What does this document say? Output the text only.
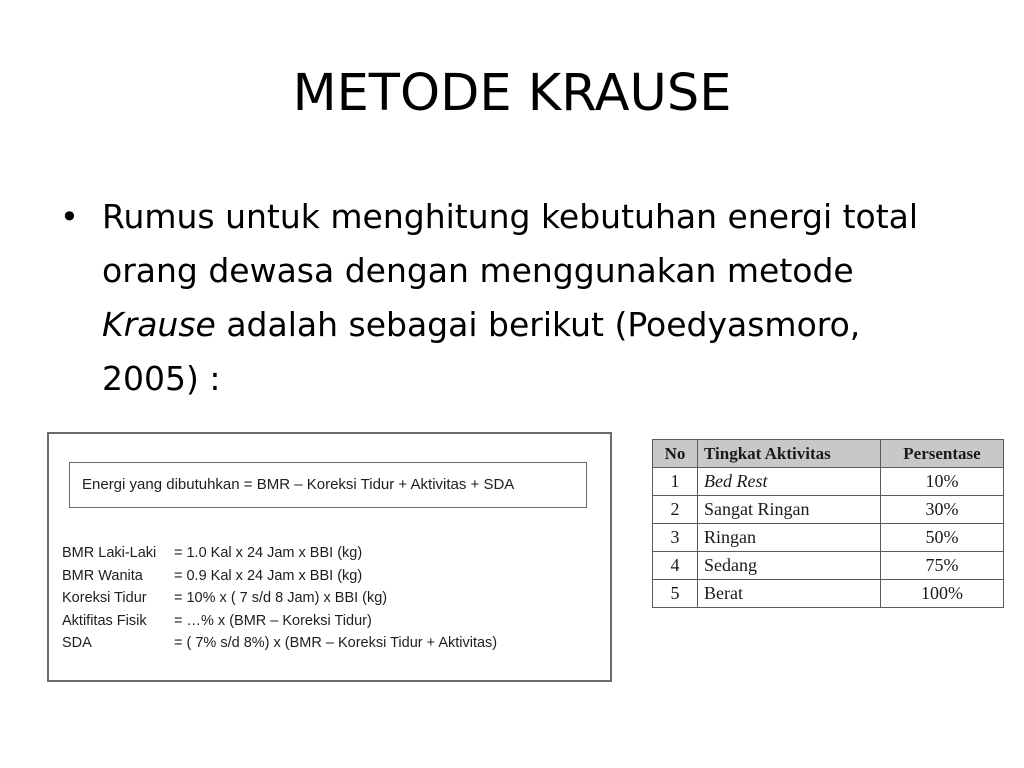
METODE KRAUSE
• Rumus untuk menghitung kebutuhan energi total orang dewasa dengan menggunakan metode Krause adalah sebagai berikut (Poedyasmoro, 2005) :
Energi yang dibutuhkan = BMR – Koreksi Tidur + Aktivitas + SDA
BMR Laki-Laki	= 1.0 Kal x 24 Jam x BBI (kg)
BMR Wanita	= 0.9 Kal x 24 Jam x BBI (kg)
Koreksi Tidur	= 10% x ( 7 s/d 8 Jam) x BBI (kg)
Aktifitas Fisik	= …% x (BMR – Koreksi Tidur)
SDA	= ( 7% s/d 8%) x (BMR – Koreksi Tidur + Aktivitas)
No	Tingkat Aktivitas	Persentase
1	Bed Rest	10%
2	Sangat Ringan	30%
3	Ringan	50%
4	Sedang	75%
5	Berat	100%
